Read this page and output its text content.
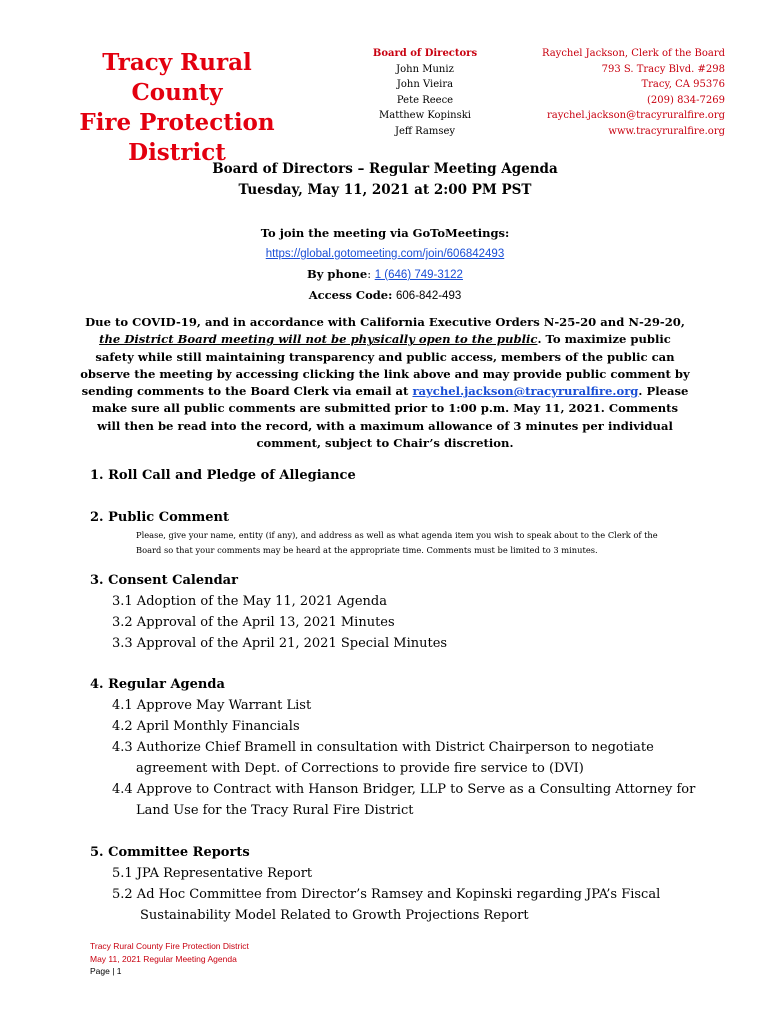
Tracy Rural County
Fire Protection
District
Board of Directors
John Muniz
John Vieira
Pete Reece
Matthew Kopinski
Jeff Ramsey
Raychel Jackson, Clerk of the Board
793 S. Tracy Blvd. #298
Tracy, CA 95376
(209) 834-7269
raychel.jackson@tracyruralfire.org
www.tracyruralfire.org
Board of Directors – Regular Meeting Agenda
Tuesday, May 11, 2021 at 2:00 PM PST
To join the meeting via GoToMeetings:
https://global.gotomeeting.com/join/606842493
By phone: 1 (646) 749-3122
Access Code: 606-842-493
Due to COVID-19, and in accordance with California Executive Orders N-25-20 and N-29-20, the District Board meeting will not be physically open to the public. To maximize public safety while still maintaining transparency and public access, members of the public can observe the meeting by accessing clicking the link above and may provide public comment by sending comments to the Board Clerk via email at raychel.jackson@tracyruralfire.org. Please make sure all public comments are submitted prior to 1:00 p.m. May 11, 2021. Comments will then be read into the record, with a maximum allowance of 3 minutes per individual comment, subject to Chair’s discretion.
1. Roll Call and Pledge of Allegiance
2. Public Comment
Please, give your name, entity (if any), and address as well as what agenda item you wish to speak about to the Clerk of the
Board so that your comments may be heard at the appropriate time. Comments must be limited to 3 minutes.
3. Consent Calendar
3.1 Adoption of the May 11, 2021 Agenda
3.2 Approval of the April 13, 2021 Minutes
3.3 Approval of the April 21, 2021 Special Minutes
4. Regular Agenda
4.1 Approve May Warrant List
4.2 April Monthly Financials
4.3 Authorize Chief Bramell in consultation with District Chairperson to negotiate
agreement with Dept. of Corrections to provide fire service to (DVI)
4.4 Approve to Contract with Hanson Bridger, LLP to Serve as a Consulting Attorney for
Land Use for the Tracy Rural Fire District
5. Committee Reports
5.1 JPA Representative Report
5.2 Ad Hoc Committee from Director’s Ramsey and Kopinski regarding JPA’s Fiscal
Sustainability Model Related to Growth Projections Report
Tracy Rural County Fire Protection District
May 11, 2021 Regular Meeting Agenda
Page | 1
